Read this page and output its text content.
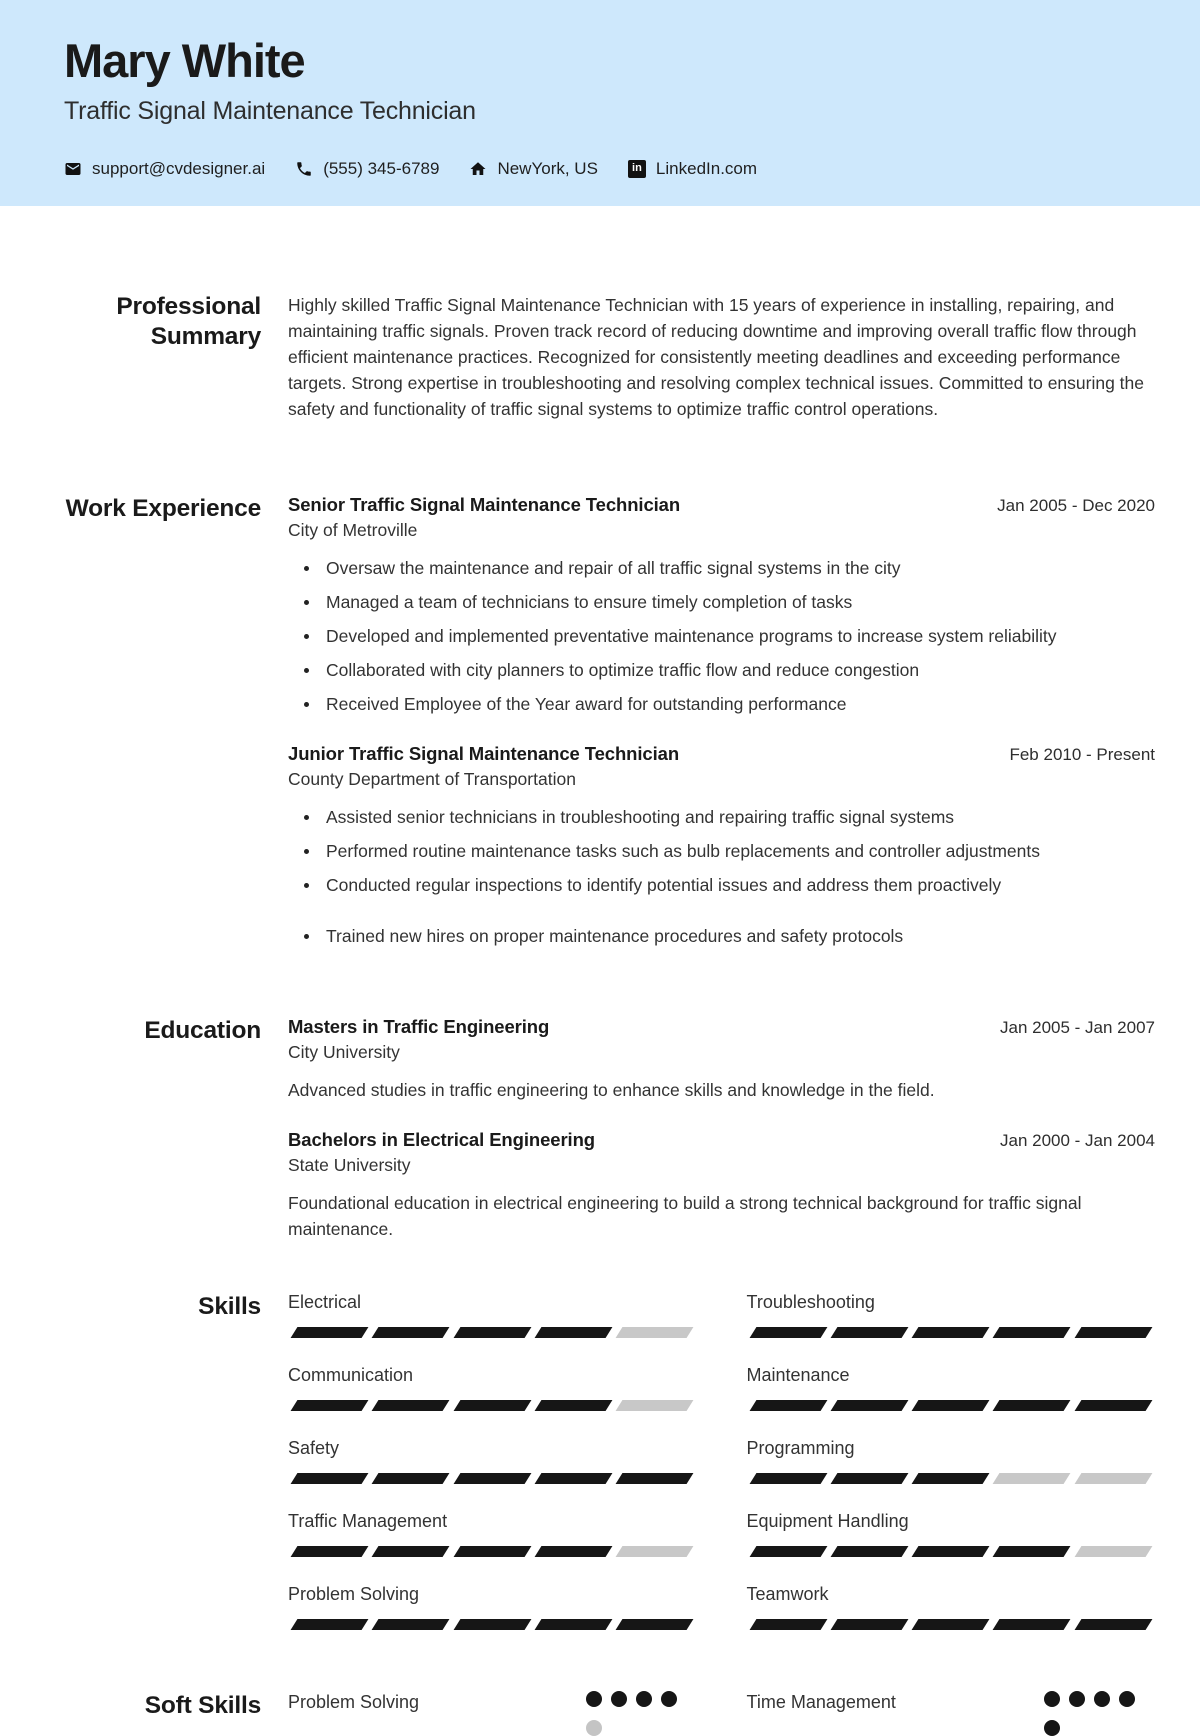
Mary White
Traffic Signal Maintenance Technician
support@cvdesigner.ai	(555) 345-6789	NewYork, US	in LinkedIn.com
Professional Summary

Highly skilled Traffic Signal Maintenance Technician with 15 years of experience in installing, repairing, and maintaining traffic signals. Proven track record of reducing downtime and improving overall traffic flow through efficient maintenance practices. Recognized for consistently meeting deadlines and exceeding performance targets. Strong expertise in troubleshooting and resolving complex technical issues. Committed to ensuring the safety and functionality of traffic signal systems to optimize traffic control operations.

Work Experience Senior Traffic Signal Maintenance Technician	Jan 2005 - Dec 2020
City of Metroville
Oversaw the maintenance and repair of all traffic signal systems in the city
Managed a team of technicians to ensure timely completion of tasks
Developed and implemented preventative maintenance programs to increase system reliability
Collaborated with city planners to optimize traffic flow and reduce congestion
Received Employee of the Year award for outstanding performance
Junior Traffic Signal Maintenance Technician	Feb 2010 - Present
County Department of Transportation
Assisted senior technicians in troubleshooting and repairing traffic signal systems
Performed routine maintenance tasks such as bulb replacements and controller adjustments
Conducted regular inspections to identify potential issues and address them proactively
Trained new hires on proper maintenance procedures and safety protocols
Education Masters in Traffic Engineering	Jan 2005 - Jan 2007
City University

Advanced studies in traffic engineering to enhance skills and knowledge in the field.

Bachelors in Electrical Engineering	Jan 2000 - Jan 2004
State University

Foundational education in electrical engineering to build a strong technical background for traffic signal maintenance.

Skills Electrical	Troubleshooting
Communication	Maintenance
Safety	Programming
Traffic Management	Equipment Handling
Problem Solving	Teamwork
Soft Skills Problem Solving	Time Management
